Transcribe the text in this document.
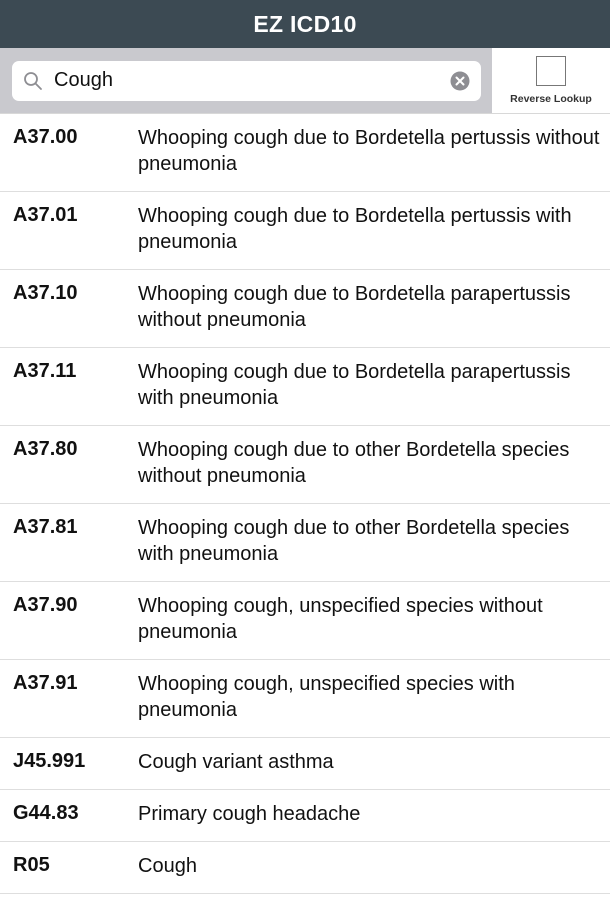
EZ ICD10
Cough
Reverse Lookup
A37.00	Whooping cough due to Bordetella pertussis without pneumonia
A37.01	Whooping cough due to Bordetella pertussis with pneumonia
A37.10	Whooping cough due to Bordetella parapertussis without pneumonia
A37.11	Whooping cough due to Bordetella parapertussis with pneumonia
A37.80	Whooping cough due to other Bordetella species without pneumonia
A37.81	Whooping cough due to other Bordetella species with pneumonia
A37.90	Whooping cough, unspecified species without pneumonia
A37.91	Whooping cough, unspecified species with pneumonia
J45.991	Cough variant asthma
G44.83	Primary cough headache
R05	Cough
